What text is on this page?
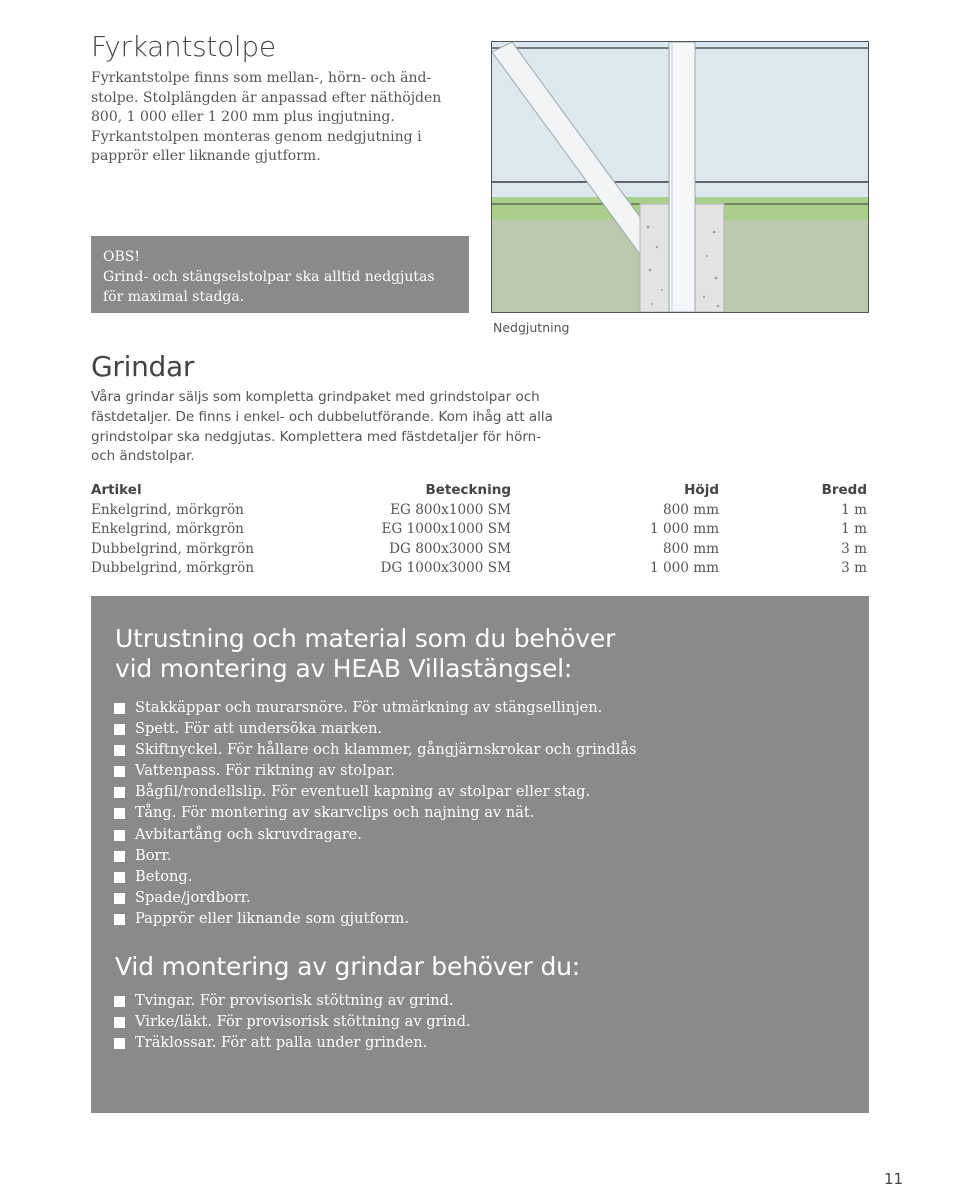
Fyrkantstolpe

Fyrkantstolpe finns som mellan-, hörn- och änd-

stolpe. Stolplängden är anpassad efter näthöjden

800, 1 000 eller 1 200 mm plus ingjutning.

Fyrkantstolpen monteras genom nedgjutning i

papprör eller liknande gjutform.

OBS!

Grind- och stängselstolpar ska alltid nedgjutas

för maximal stadga.

Nedgjutning
Grindar

Våra grindar säljs som kompletta grindpaket med grindstolpar och

fästdetaljer. De finns i enkel- och dubbelutförande. Kom ihåg att alla

grindstolpar ska nedgjutas. Komplettera med fästdetaljer för hörn-

och ändstolpar.

Artikel	Beteckning	Höjd	Bredd
Enkelgrind, mörkgrön	EG 800x1000 SM	800 mm	1 m
Enkelgrind, mörkgrön	EG 1000x1000 SM	1 000 mm	1 m
Dubbelgrind, mörkgrön	DG 800x3000 SM	800 mm	3 m
Dubbelgrind, mörkgrön	DG 1000x3000 SM	1 000 mm	3 m

Utrustning och material som du behöver

vid montering av HEAB Villastängsel:

Stakkäppar och murarsnöre. För utmärkning av stängsellinjen.
Spett. För att undersöka marken.
Skiftnyckel. För hållare och klammer, gångjärnskrokar och grindlås
Vattenpass. För riktning av stolpar.
Bågfil/rondellslip. För eventuell kapning av stolpar eller stag.
Tång. För montering av skarvclips och najning av nät.
Avbitartång och skruvdragare.
Borr.
Betong.
Spade/jordborr.
Papprör eller liknande som gjutform.

Vid montering av grindar behöver du:

Tvingar. För provisorisk stöttning av grind.
Virke/läkt. För provisorisk stöttning av grind.
Träklossar. För att palla under grinden.
11
